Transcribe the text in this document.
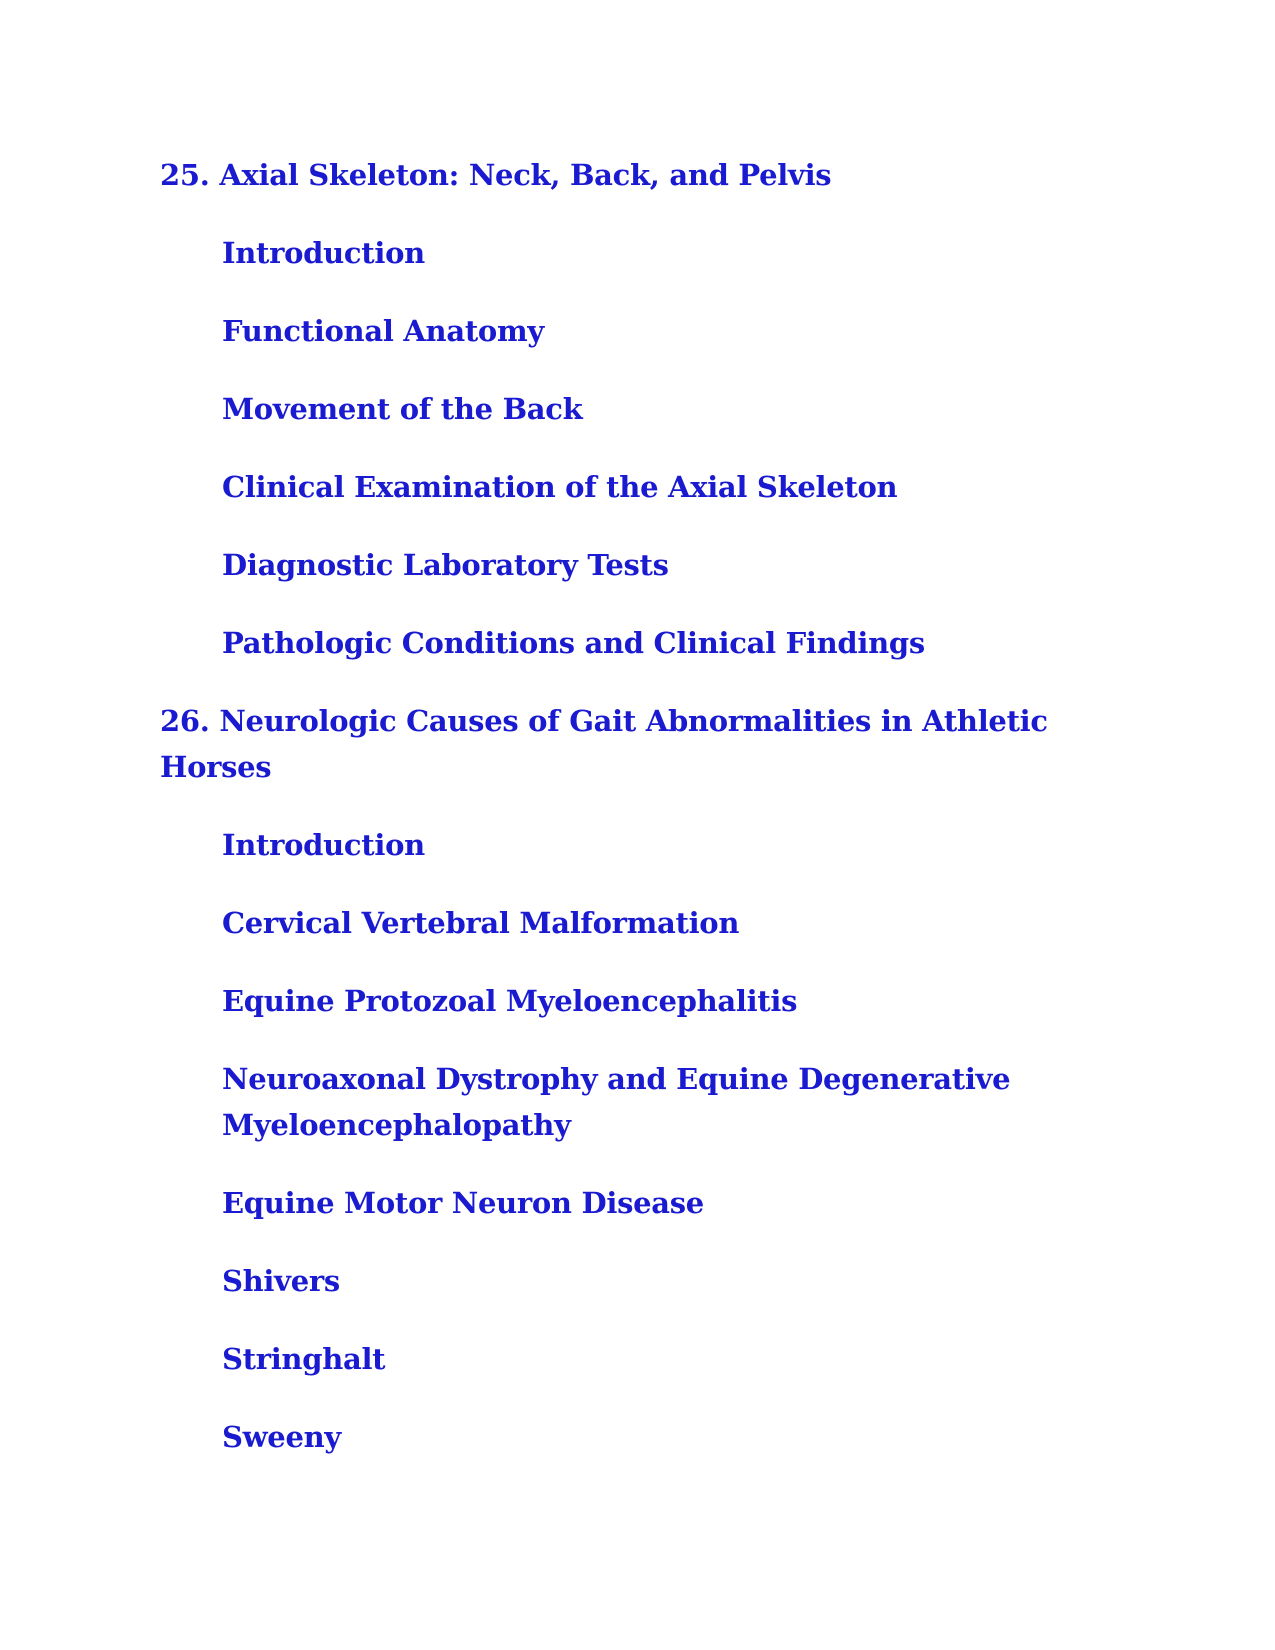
25. Axial Skeleton: Neck, Back, and Pelvis
Introduction
Functional Anatomy
Movement of the Back
Clinical Examination of the Axial Skeleton
Diagnostic Laboratory Tests
Pathologic Conditions and Clinical Findings
26. Neurologic Causes of Gait Abnormalities in Athletic Horses
Introduction
Cervical Vertebral Malformation
Equine Protozoal Myeloencephalitis
Neuroaxonal Dystrophy and Equine Degenerative Myeloencephalopathy
Equine Motor Neuron Disease
Shivers
Stringhalt
Sweeny
